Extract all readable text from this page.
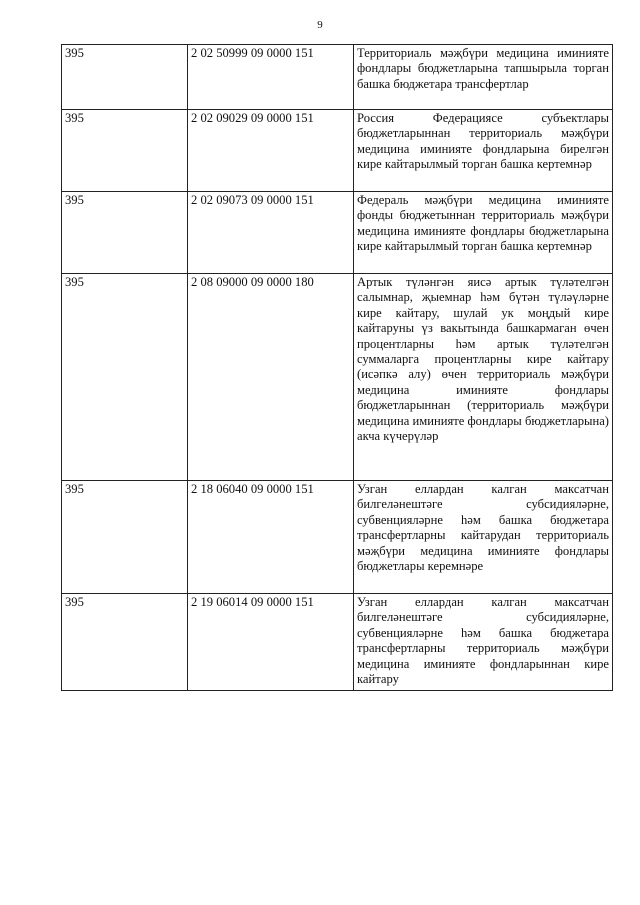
9
395	2 02 50999 09 0000 151	Территориаль мәҗбүри медицина иминияте фондлары бюджетларына тапшырыла торган башка бюджетара трансфертлар
395	2 02 09029 09 0000 151	Россия Федерациясе субъектлары бюджетларыннан территориаль мәҗбүри медицина иминияте фондларына бирелгән кире кайтарылмый торган башка кертемнәр
395	2 02 09073 09 0000 151	Федераль мәҗбүри медицина иминияте фонды бюджетыннан территориаль мәҗбүри медицина иминияте фондлары бюджетларына кире кайтарылмый торган башка кертемнәр
395	2 08 09000 09 0000 180	Артык түләнгән яисә артык түләтелгән салымнар, җыемнар һәм бүтән түләүләрне кире кайтару, шулай ук моңдый кире кайтаруны үз вакытында башкармаган өчен процентларны һәм артык түләтелгән суммаларга процентларны кире кайтару (исәпкә алу) өчен территориаль мәҗбүри медицина иминияте фондлары бюджетларыннан (территориаль мәҗбүри медицина иминияте фондлары бюджетларына) акча күчерүләр
395	2 18 06040 09 0000 151	Узган еллардан калган максатчан билгеләнештәге субсидияләрне, субвенцияләрне һәм башка бюджетара трансфертларны кайтарудан территориаль мәҗбүри медицина иминияте фондлары бюджетлары керемнәре
395	2 19 06014 09 0000 151	Узган еллардан калган максатчан билгеләнештәге субсидияләрне, субвенцияләрне һәм башка бюджетара трансфертларны территориаль мәҗбүри медицина иминияте фондларыннан кире кайтару
